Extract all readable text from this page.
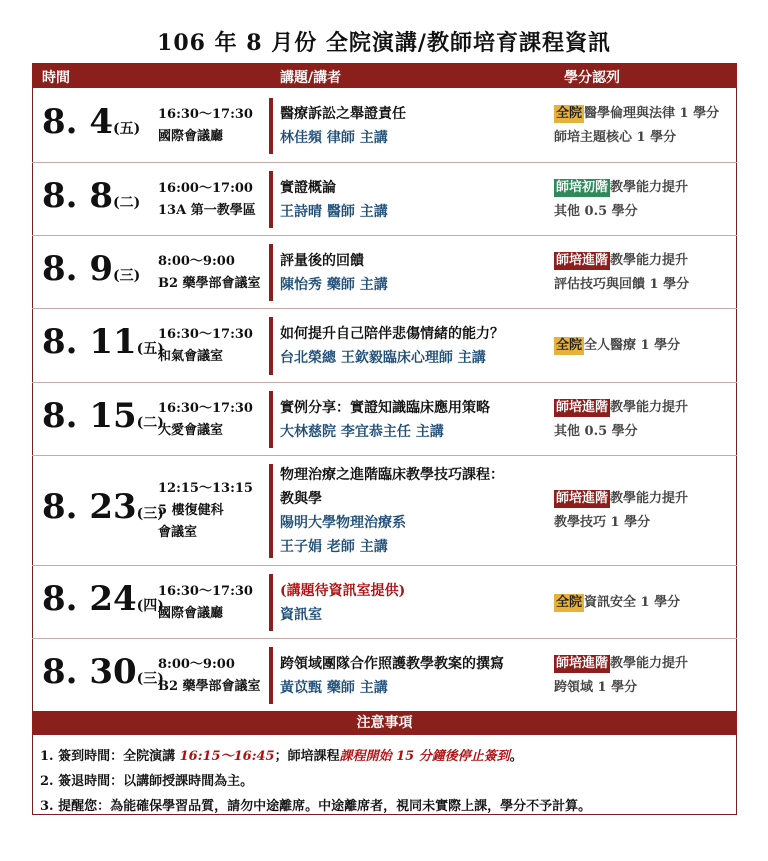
106 年 8 月份 全院演講/教師培育課程資訊
時間	講題/講者	學分認列
8. 4(五)
16:30～17:30
國際會議廳
醫療訴訟之舉證責任
林佳頻 律師 主講
全院 醫學倫理與法律 1 學分
師培主題核心 1 學分
8. 8(二)
16:00～17:00
13A 第一教學區
實證概論
王詩晴 醫師 主講
師培初階 教學能力提升
其他 0.5 學分
8. 9(三)
8:00～9:00
B2 藥學部會議室
評量後的回饋
陳怡秀 藥師 主講
師培進階 教學能力提升
評估技巧與回饋 1 學分
8. 11(五)
16:30～17:30
和氣會議室
如何提升自己陪伴悲傷情緒的能力？
台北榮總 王欽毅臨床心理師 主講
全院 全人醫療 1 學分
8. 15(二)
16:30～17:30
大愛會議室
實例分享：實證知識臨床應用策略
大林慈院 李宜恭主任 主講
師培進階 教學能力提升
其他 0.5 學分
8. 23(三)
12:15～13:15
5 樓復健科
會議室
物理治療之進階臨床教學技巧課程：
教與學
陽明大學物理治療系
王子娟 老師 主講
師培進階 教學能力提升
教學技巧 1 學分
8. 24(四)
16:30～17:30
國際會議廳
(講題待資訊室提供)
資訊室
全院 資訊安全 1 學分
8. 30(三)
8:00～9:00
B2 藥學部會議室
跨領域團隊合作照護教學教案的撰寫
黃苡甄 藥師 主講
師培進階 教學能力提升
跨領域 1 學分
注意事項
1. 簽到時間：全院演講 16:15～16:45；師培課程課程開始 15 分鐘後停止簽到。
2. 簽退時間：以講師授課時間為主。
3. 提醒您：為能確保學習品質，請勿中途離席。中途離席者，視同未實際上課，學分不予計算。
